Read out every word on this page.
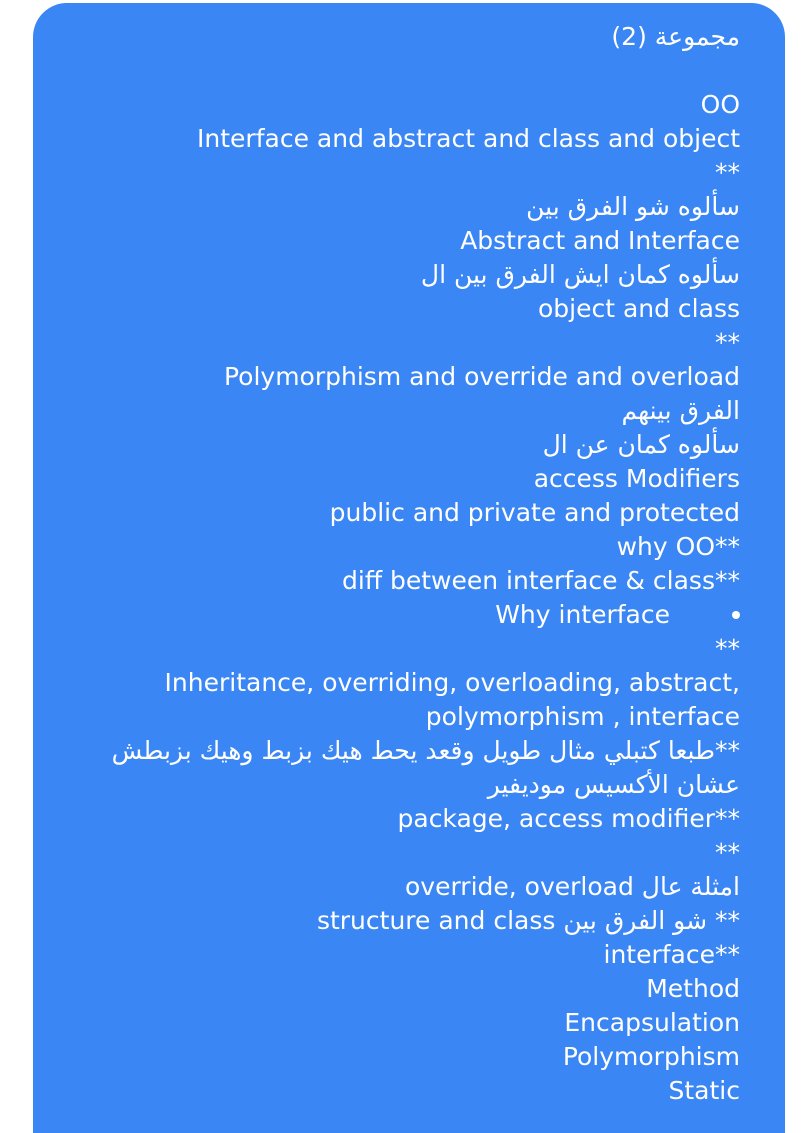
مجموعة (2)
OO
Interface and abstract and class and object
**
سألوه شو الفرق بين
Abstract and Interface
سألوه كمان ايش الفرق بين ال
object and class
**
Polymorphism and override and overload
الفرق بينهم
سألوه كمان عن ال
access Modifiers
public and private and protected
why OO**
diff between interface & class**
Why interface
**
Inheritance, overriding, overloading, abstract,
polymorphism , interface
**طبعا كتبلي مثال طويل وقعد يحط هيك بزبط وهيك بزبطش
عشان الأكسيس موديفير
package, access modifier**
**
امثلة عال override, overload
** شو الفرق بين structure and class
interface**
Method
Encapsulation
Polymorphism
Static
